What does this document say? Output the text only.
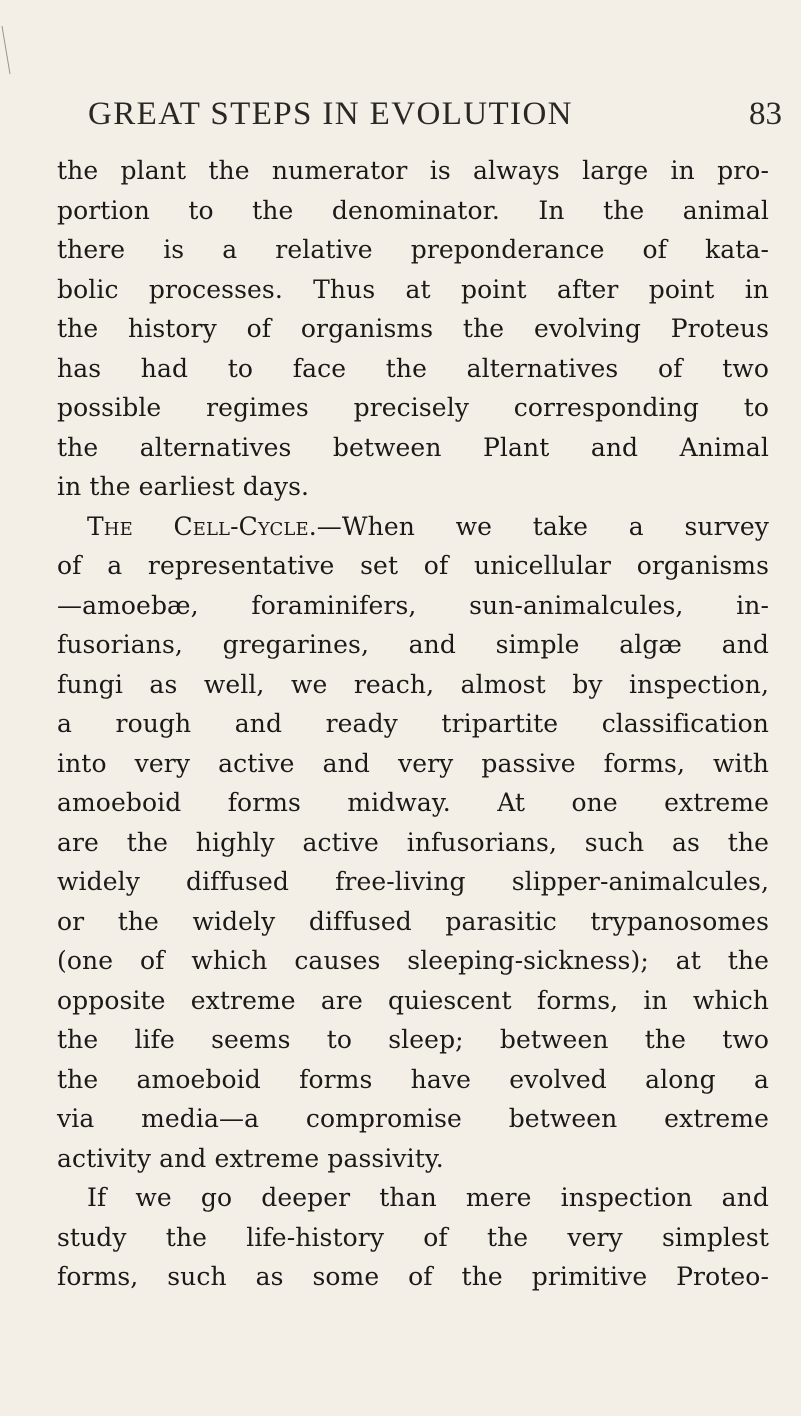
GREAT STEPS IN EVOLUTION	83
the plant the numerator is always large in pro-
portion to the denominator. In the animal
there is a relative preponderance of kata-
bolic processes. Thus at point after point in
the history of organisms the evolving Proteus
has had to face the alternatives of two
possible regimes precisely corresponding to
the alternatives between Plant and Animal
in the earliest days.
The Cell-Cycle.—When we take a survey
of a representative set of unicellular organisms
—amoebæ, foraminifers, sun-animalcules, in-
fusorians, gregarines, and simple algæ and
fungi as well, we reach, almost by inspection,
a rough and ready tripartite classification
into very active and very passive forms, with
amoeboid forms midway. At one extreme
are the highly active infusorians, such as the
widely diffused free-living slipper-animalcules,
or the widely diffused parasitic trypanosomes
(one of which causes sleeping-sickness); at the
opposite extreme are quiescent forms, in which
the life seems to sleep; between the two
the amoeboid forms have evolved along a
via media—a compromise between extreme
activity and extreme passivity.
If we go deeper than mere inspection and
study the life-history of the very simplest
forms, such as some of the primitive Proteo-
